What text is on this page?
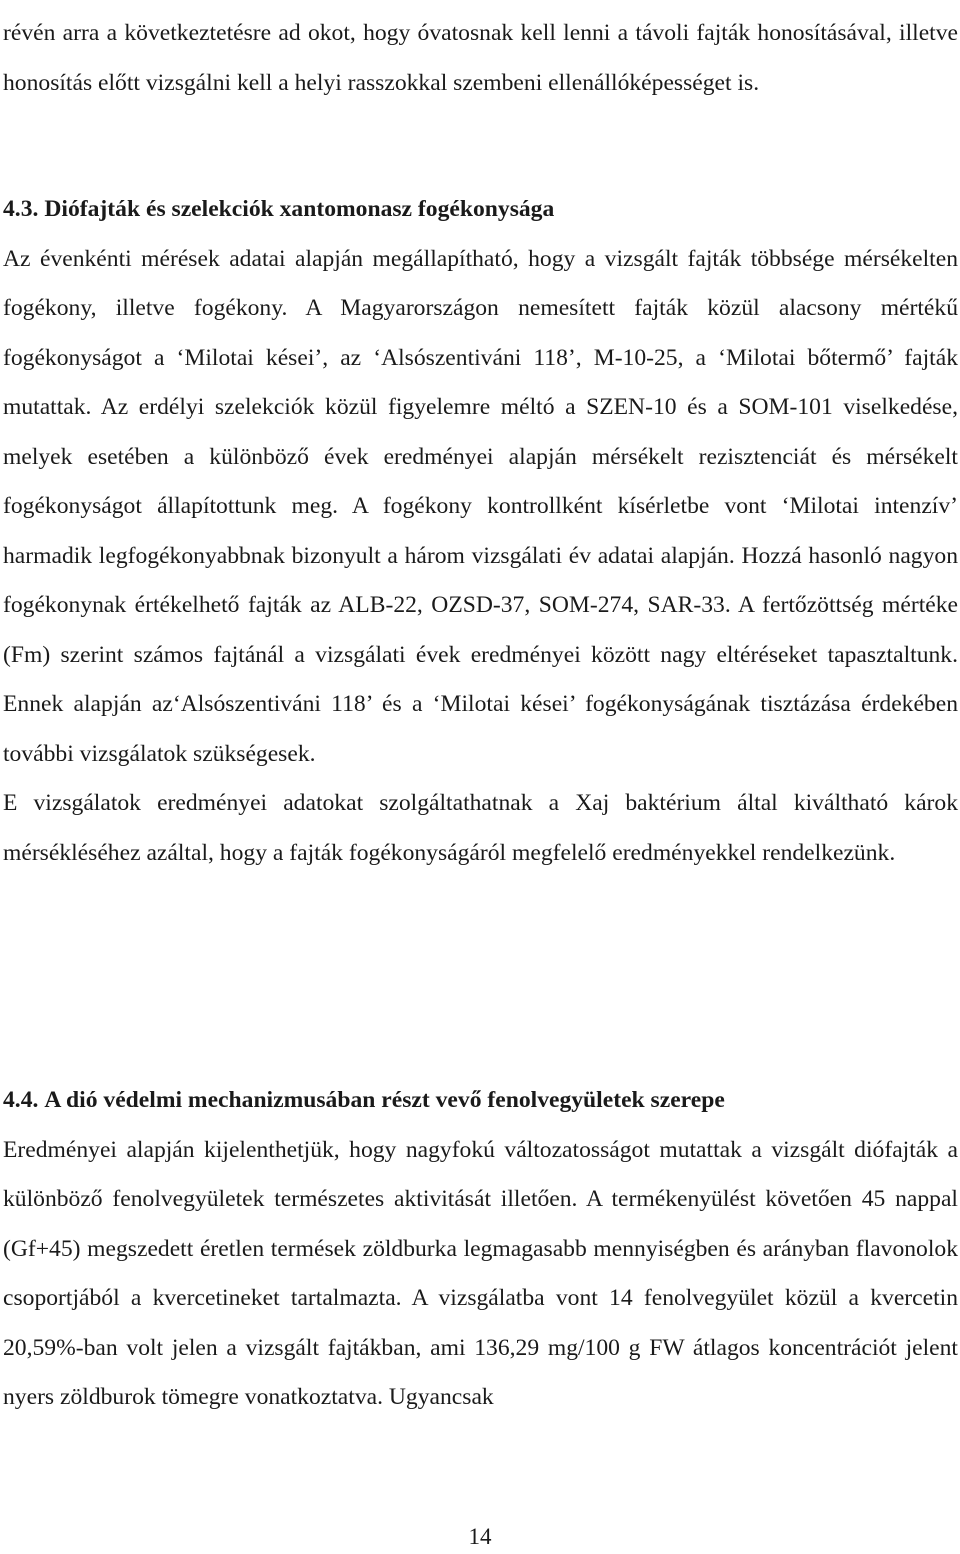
révén arra a következtetésre ad okot, hogy óvatosnak kell lenni a távoli fajták honosításával, illetve honosítás előtt vizsgálni kell a helyi rasszokkal szembeni ellenállóképességet is.

4.3. Diófajták és szelekciók xantomonasz fogékonysága

Az évenkénti mérések adatai alapján megállapítható, hogy a vizsgált fajták többsége mérsékelten fogékony, illetve fogékony. A Magyarországon nemesített fajták közül alacsony mértékű fogékonyságot a ‘Milotai kései’, az ‘Alsószentiváni 118’, M-10-25, a ‘Milotai bőtermő’ fajták mutattak. Az erdélyi szelekciók közül figyelemre méltó a SZEN-10 és a SOM-101 viselkedése, melyek esetében a különböző évek eredményei alapján mérsékelt rezisztenciát és mérsékelt fogékonyságot állapítottunk meg. A fogékony kontrollként kísérletbe vont ‘Milotai intenzív’ harmadik legfogékonyabbnak bizonyult a három vizsgálati év adatai alapján. Hozzá hasonló nagyon fogékonynak értékelhető fajták az ALB-22, OZSD-37, SOM-274, SAR-33. A fertőzöttség mértéke (Fm) szerint számos fajtánál a vizsgálati évek eredményei között nagy eltéréseket tapasztaltunk. Ennek alapján az‘Alsószentiváni 118’ és a ‘Milotai kései’ fogékonyságának tisztázása érdekében további vizsgálatok szükségesek.

E vizsgálatok eredményei adatokat szolgáltathatnak a Xaj baktérium által kiváltható károk mérsékléséhez azáltal, hogy a fajták fogékonyságáról megfelelő eredményekkel rendelkezünk.

4.4. A dió védelmi mechanizmusában részt vevő fenolvegyületek szerepe

Eredményei alapján kijelenthetjük, hogy nagyfokú változatosságot mutattak a vizsgált diófajták a különböző fenolvegyületek természetes aktivitását illetően. A termékenyülést követően 45 nappal (Gf+45) megszedett éretlen termések zöldburka legmagasabb mennyiségben és arányban flavonolok csoportjából a kvercetineket tartalmazta. A vizsgálatba vont 14 fenolvegyület közül a kvercetin 20,59%-ban volt jelen a vizsgált fajtákban, ami 136,29 mg/100 g FW átlagos koncentrációt jelent nyers zöldburok tömegre vonatkoztatva. Ugyancsak

14
